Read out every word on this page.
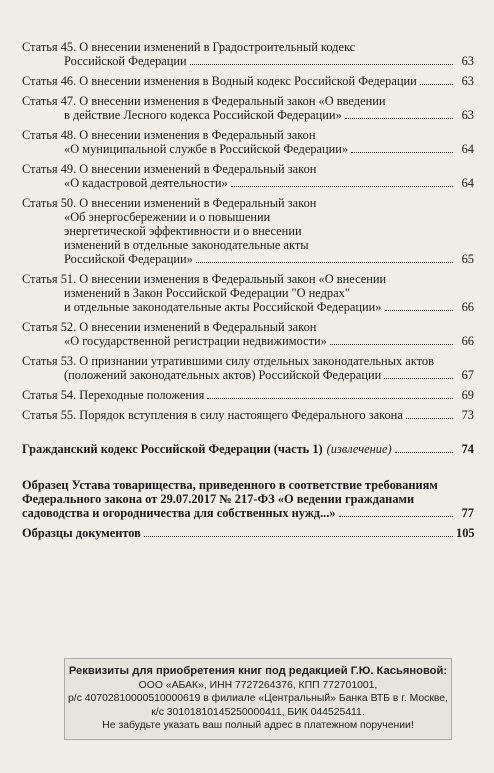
Статья 45. О внесении изменений в Градостроительный кодекс
Российской Федерации	63
Статья 46. О внесении изменения в Водный кодекс Российской Федерации	63
Статья 47. О внесении изменения в Федеральный закон «О введении
в действие Лесного кодекса Российской Федерации»	63
Статья 48. О внесении изменения в Федеральный закон
«О муниципальной службе в Российской Федерации»	64
Статья 49. О внесении изменений в Федеральный закон
«О кадастровой деятельности»	64
Статья 50. О внесении изменений в Федеральный закон
«Об энергосбережении и о повышении
энергетической эффективности и о внесении
изменений в отдельные законодательные акты
Российской Федерации»	65
Статья 51. О внесении изменения в Федеральный закон «О внесении
изменений в Закон Российской Федерации "О недрах"
и отдельные законодательные акты Российской Федерации»	66
Статья 52. О внесении изменений в Федеральный закон
«О государственной регистрации недвижимости»	66
Статья 53. О признании утратившими силу отдельных законодательных актов
(положений законодательных актов) Российской Федерации	67
Статья 54. Переходные положения	69
Статья 55. Порядок вступления в силу настоящего Федерального закона	73
Гражданский кодекс Российской Федерации (часть 1) (извлечение)	74
Образец Устава товарищества, приведенного в соответствие требованиям
Федерального закона от 29.07.2017 № 217-ФЗ «О ведении гражданами
садоводства и огородничества для собственных нужд...»	77
Образцы документов	105
Реквизиты для приобретения книг под редакцией Г.Ю. Касьяновой:
ООО «АБАК», ИНН 7727264376, КПП 772701001,
р/с 40702810000510000619 в филиале «Центральный» Банка ВТБ в г. Москве,
к/с 30101810145250000411, БИК 044525411.
Не забудьте указать ваш полный адрес в платежном поручении!
